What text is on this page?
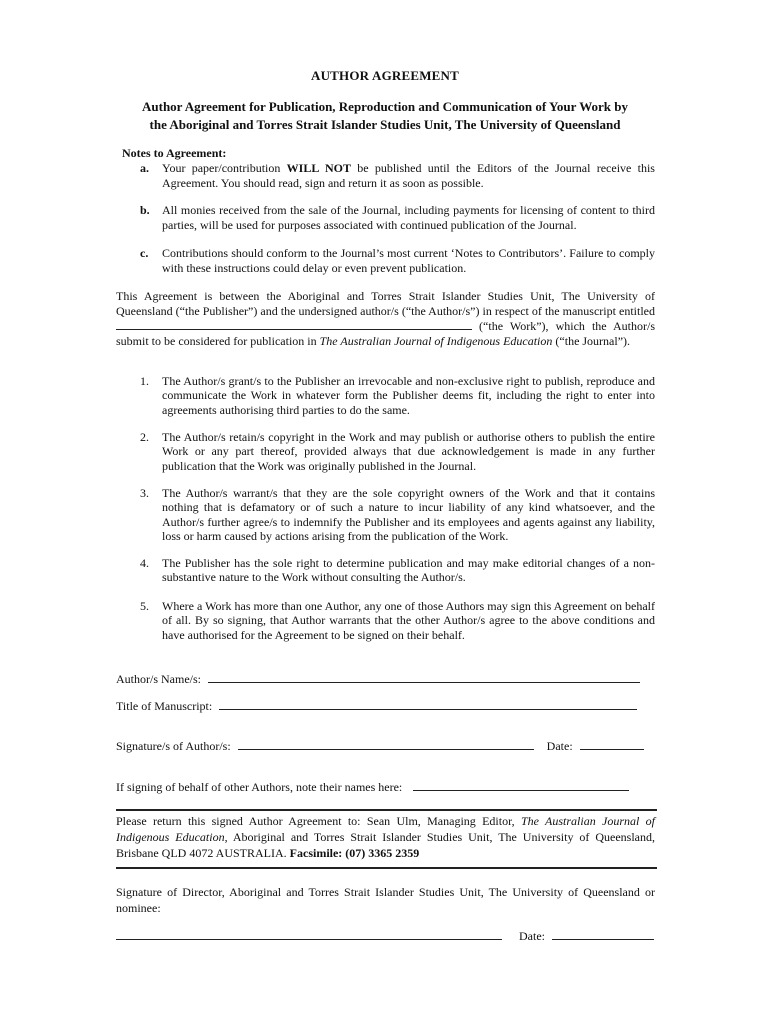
AUTHOR AGREEMENT
Author Agreement for Publication, Reproduction and Communication of Your Work by
the Aboriginal and Torres Strait Islander Studies Unit, The University of Queensland
Notes to Agreement:
a.	Your paper/contribution WILL NOT be published until the Editors of the Journal receive this Agreement. You should read, sign and return it as soon as possible.
b.	All monies received from the sale of the Journal, including payments for licensing of content to third parties, will be used for purposes associated with continued publication of the Journal.
c.	Contributions should conform to the Journal’s most current ‘Notes to Contributors’. Failure to comply with these instructions could delay or even prevent publication.
This Agreement is between the Aboriginal and Torres Strait Islander Studies Unit, The University of Queensland (“the Publisher”) and the undersigned author/s (“the Author/s”) in respect of the manuscript entitled  (“the Work”), which the Author/s submit to be considered for publication in The Australian Journal of Indigenous Education (“the Journal”).
1.	The Author/s grant/s to the Publisher an irrevocable and non-exclusive right to publish, reproduce and communicate the Work in whatever form the Publisher deems fit, including the right to enter into agreements authorising third parties to do the same.
2.	The Author/s retain/s copyright in the Work and may publish or authorise others to publish the entire Work or any part thereof, provided always that due acknowledgement is made in any further publication that the Work was originally published in the Journal.
3.	The Author/s warrant/s that they are the sole copyright owners of the Work and that it contains nothing that is defamatory or of such a nature to incur liability of any kind whatsoever, and the Author/s further agree/s to indemnify the Publisher and its employees and agents against any liability, loss or harm caused by actions arising from the publication of the Work.
4.	The Publisher has the sole right to determine publication and may make editorial changes of a non-substantive nature to the Work without consulting the Author/s.
5.	Where a Work has more than one Author, any one of those Authors may sign this Agreement on behalf of all. By so signing, that Author warrants that the other Author/s agree to the above conditions and have authorised for the Agreement to be signed on their behalf.
Author/s Name/s:
Title of Manuscript:
Signature/s of Author/s:	Date:
If signing of behalf of other Authors, note their names here:
Please return this signed Author Agreement to: Sean Ulm, Managing Editor, The Australian Journal of Indigenous Education, Aboriginal and Torres Strait Islander Studies Unit, The University of Queensland, Brisbane QLD 4072 AUSTRALIA. Facsimile: (07) 3365 2359
Signature of Director, Aboriginal and Torres Strait Islander Studies Unit, The University of Queensland or nominee:
Date:
